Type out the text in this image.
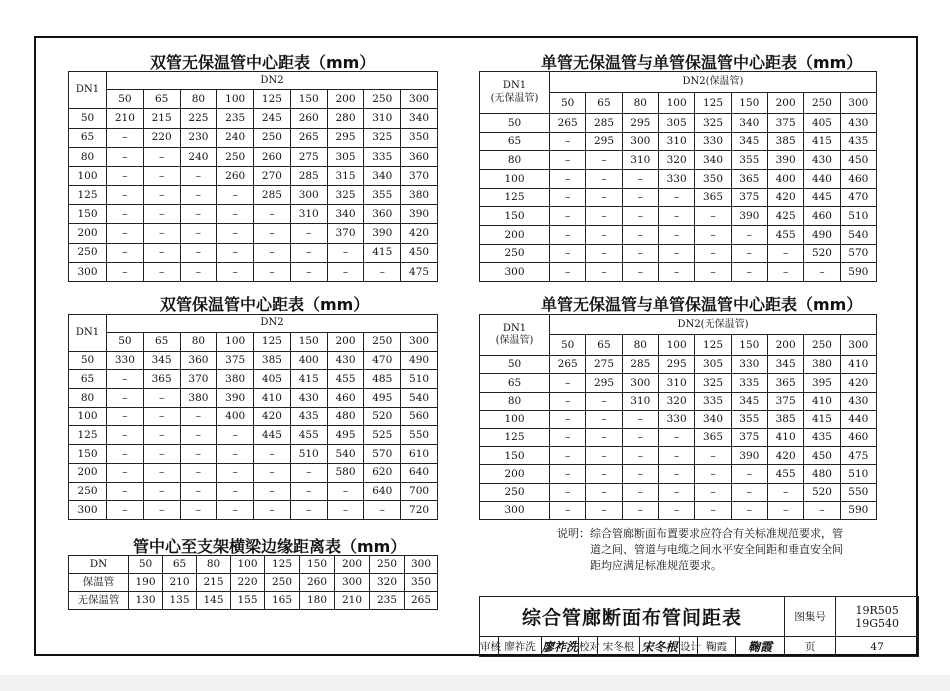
双管无保温管中心距表（mm）
DN1	DN2								
	50	65	80	100	125	150	200	250	300
50	210	215	225	235	245	260	280	310	340
65	–	220	230	240	250	265	295	325	350
80	–	–	240	250	260	275	305	335	360
100	–	–	–	260	270	285	315	340	370
125	–	–	–	–	285	300	325	355	380
150	–	–	–	–	–	310	340	360	390
200	–	–	–	–	–	–	370	390	420
250	–	–	–	–	–	–	–	415	450
300	–	–	–	–	–	–	–	–	475
单管无保温管与单管保温管中心距表（mm）
DN1
(无保温管)	DN2(保温管)								
	50	65	80	100	125	150	200	250	300
50	265	285	295	305	325	340	375	405	430
65	–	295	300	310	330	345	385	415	435
80	–	–	310	320	340	355	390	430	450
100	–	–	–	330	350	365	400	440	460
125	–	–	–	–	365	375	420	445	470
150	–	–	–	–	–	390	425	460	510
200	–	–	–	–	–	–	455	490	540
250	–	–	–	–	–	–	–	520	570
300	–	–	–	–	–	–	–	–	590
双管保温管中心距表（mm）
DN1	DN2								
	50	65	80	100	125	150	200	250	300
50	330	345	360	375	385	400	430	470	490
65	–	365	370	380	405	415	455	485	510
80	–	–	380	390	410	430	460	495	540
100	–	–	–	400	420	435	480	520	560
125	–	–	–	–	445	455	495	525	550
150	–	–	–	–	–	510	540	570	610
200	–	–	–	–	–	–	580	620	640
250	–	–	–	–	–	–	–	640	700
300	–	–	–	–	–	–	–	–	720
单管无保温管与单管保温管中心距表（mm）
DN1
(保温管)	DN2(无保温管)								
	50	65	80	100	125	150	200	250	300
50	265	275	285	295	305	330	345	380	410
65	–	295	300	310	325	335	365	395	420
80	–	–	310	320	335	345	375	410	430
100	–	–	–	330	340	355	385	415	440
125	–	–	–	–	365	375	410	435	460
150	–	–	–	–	–	390	420	450	475
200	–	–	–	–	–	–	455	480	510
250	–	–	–	–	–	–	–	520	550
300	–	–	–	–	–	–	–	–	590
管中心至支架横梁边缘距离表（mm）
DN	50	65	80	100	125	150	200	250	300
保温管	190	210	215	220	250	260	300	320	350
无保温管	130	135	145	155	165	180	210	235	265
说明：综合管廊断面布置要求应符合有关标准规范要求，管
道之间、管道与电缆之间水平安全间距和垂直安全间
距均应满足标准规范要求。
综合管廊断面布管间距表									图集号	19R505
19G540

审核	廖祚洗	廖祚洗	校对	宋冬根	宋冬根	设计	鞠霞	鞠霞	页	47
